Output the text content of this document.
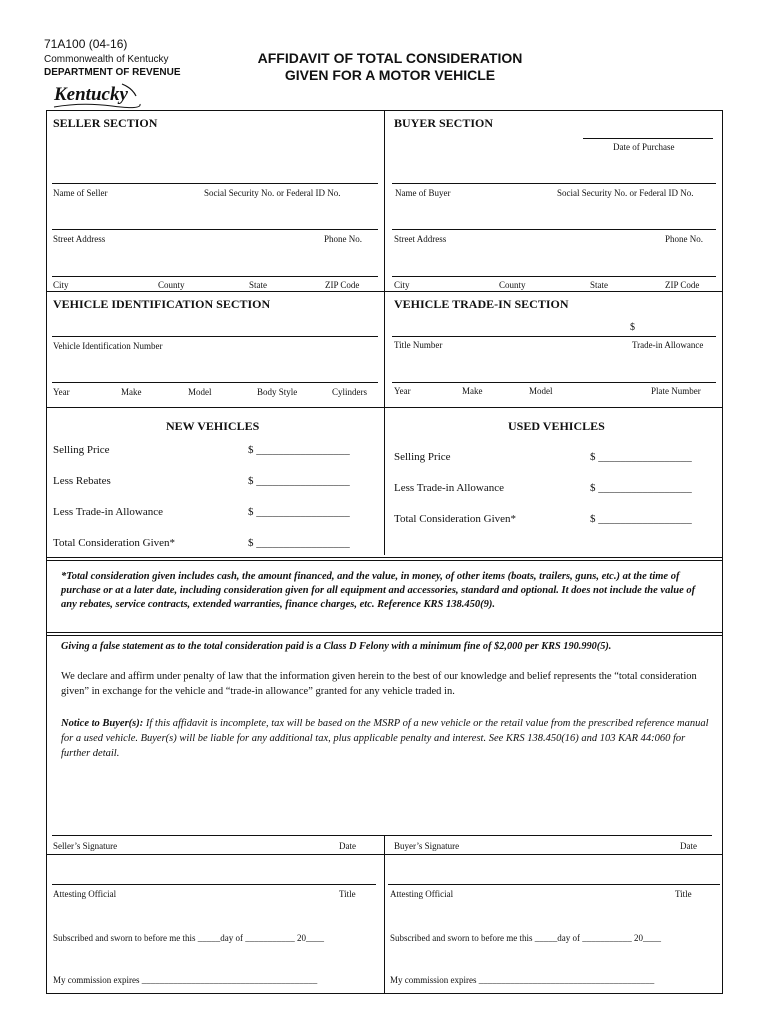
71A100 (04-16)
Commonwealth of Kentucky
DEPARTMENT OF REVENUE
AFFIDAVIT OF TOTAL CONSIDERATION
GIVEN FOR A MOTOR VEHICLE
Kentucky
SELLER SECTION
Name of Seller	Social Security No. or Federal ID No.
Street Address	Phone No.
City	County	State	ZIP Code
BUYER SECTION
Date of Purchase
Name of Buyer	Social Security No. or Federal ID No.
Street Address	Phone No.
City	County	State	ZIP Code
VEHICLE IDENTIFICATION SECTION
Vehicle Identification Number
Year	Make	Model	Body Style	Cylinders
VEHICLE TRADE-IN SECTION
$
Title Number	Trade-in Allowance
Year	Make	Model	Plate Number
NEW VEHICLES
Selling Price	$ _________________
Less Rebates	$ _________________
Less Trade-in Allowance	$ _________________
Total Consideration Given*	$ _________________
USED VEHICLES
Selling Price	$ _________________
Less Trade-in Allowance	$ _________________
Total Consideration Given*	$ _________________
*Total consideration given includes cash, the amount financed, and the value, in money, of other items (boats, trailers, guns, etc.) at the time of purchase or at a later date, including consideration given for all equipment and accessories, standard and optional. It does not include the value of any rebates, service contracts, extended warranties, finance charges, etc. Reference KRS 138.450(9).
Giving a false statement as to the total consideration paid is a Class D Felony with a minimum fine of $2,000 per KRS 190.990(5).
We declare and affirm under penalty of law that the information given herein to the best of our knowledge and belief represents the “total consideration given” in exchange for the vehicle and “trade-in allowance” granted for any vehicle traded in.
Notice to Buyer(s): If this affidavit is incomplete, tax will be based on the MSRP of a new vehicle or the retail value from the prescribed reference manual for a used vehicle. Buyer(s) will be liable for any additional tax, plus applicable penalty and interest. See KRS 138.450(16) and 103 KAR 44:060 for further detail.
Seller’s Signature	Date	Buyer’s Signature	Date
Attesting Official	Title	Attesting Official	Title
Subscribed and sworn to before me this _____day of ___________ 20____	Subscribed and sworn to before me this _____day of ___________ 20____
My commission expires _______________________________________	My commission expires _______________________________________
